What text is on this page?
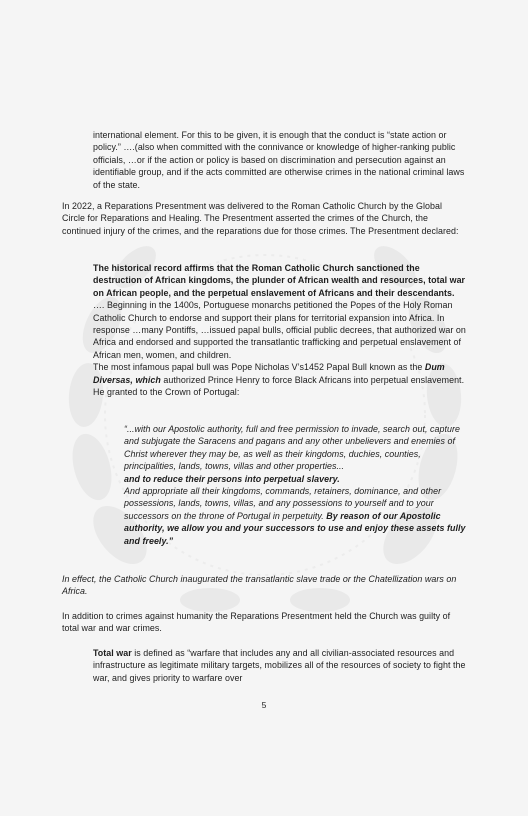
international element. For this to be given, it is enough that the conduct is “state action or policy.” ….(also when committed with the connivance or knowledge of higher-ranking public officials, …or if the action or policy is based on discrimination and persecution against an identifiable group, and if the acts committed are otherwise crimes in the national criminal laws of the state.

In 2022, a Reparations Presentment was delivered to the Roman Catholic Church by the Global Circle for Reparations and Healing. The Presentment asserted the crimes of the Church, the continued injury of the crimes, and the reparations due for those crimes. The Presentment declared:

The historical record affirms that the Roman Catholic Church sanctioned the destruction of African kingdoms, the plunder of African wealth and resources, total war on African people, and the perpetual enslavement of Africans and their descendants.

…. Beginning in the 1400s, Portuguese monarchs petitioned the Popes of the Holy Roman Catholic Church to endorse and support their plans for territorial expansion into Africa. In response …many Pontiffs, …issued papal bulls, official public decrees, that authorized war on Africa and endorsed and supported the transatlantic trafficking and perpetual enslavement of African men, women, and children.

The most infamous papal bull was Pope Nicholas V’s1452 Papal Bull known as the Dum Diversas, which authorized Prince Henry to force Black Africans into perpetual enslavement. He granted to the Crown of Portugal:

“...with our Apostolic authority, full and free permission to invade, search out, capture and subjugate the Saracens and pagans and any other unbelievers and enemies of Christ wherever they may be, as well as their kingdoms, duchies, counties, principalities, lands, towns, villas and other properties...

and to reduce their persons into perpetual slavery.

And appropriate all their kingdoms, commands, retainers, dominance, and other

possessions, lands, towns, villas, and any possessions to yourself and to your successors on the throne of Portugal in perpetuity. By reason of our Apostolic authority, we allow you and your successors to use and enjoy these assets fully and freely.”

In effect, the Catholic Church inaugurated the transatlantic slave trade or the Chatellization wars on Africa.

In addition to crimes against humanity the Reparations Presentment held the Church was guilty of total war and war crimes.

Total war is defined as “warfare that includes any and all civilian-associated resources and infrastructure as legitimate military targets, mobilizes all of the resources of society to fight the war, and gives priority to warfare over

5
